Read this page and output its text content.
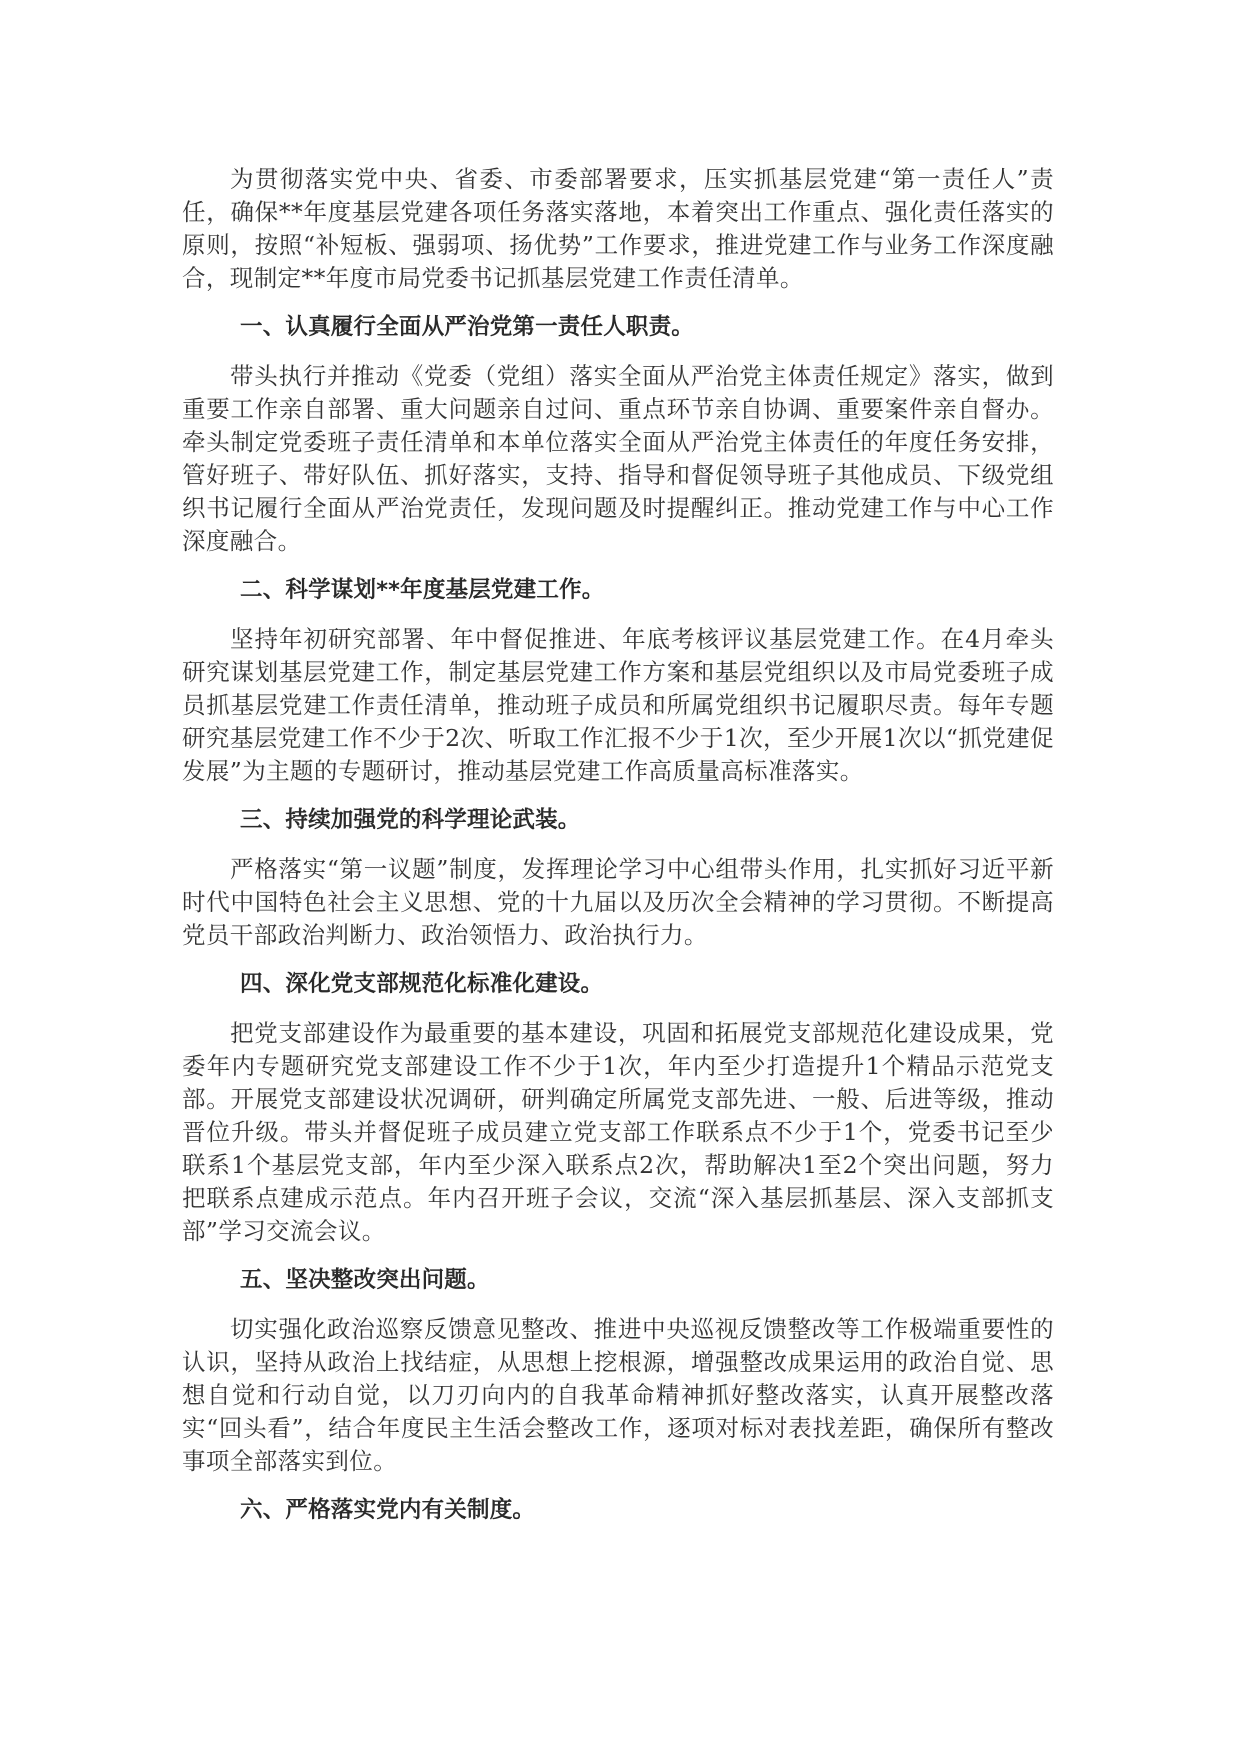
为贯彻落实党中央、省委、市委部署要求，压实抓基层党建“第一责任人”责任，确保**年度基层党建各项任务落实落地，本着突出工作重点、强化责任落实的原则，按照“补短板、强弱项、扬优势”工作要求，推进党建工作与业务工作深度融合，现制定**年度市局党委书记抓基层党建工作责任清单。

一、认真履行全面从严治党第一责任人职责。

带头执行并推动《党委（党组）落实全面从严治党主体责任规定》落实，做到重要工作亲自部署、重大问题亲自过问、重点环节亲自协调、重要案件亲自督办。牵头制定党委班子责任清单和本单位落实全面从严治党主体责任的年度任务安排，管好班子、带好队伍、抓好落实，支持、指导和督促领导班子其他成员、下级党组织书记履行全面从严治党责任，发现问题及时提醒纠正。推动党建工作与中心工作深度融合。

二、科学谋划**年度基层党建工作。

坚持年初研究部署、年中督促推进、年底考核评议基层党建工作。在4月牵头研究谋划基层党建工作，制定基层党建工作方案和基层党组织以及市局党委班子成员抓基层党建工作责任清单，推动班子成员和所属党组织书记履职尽责。每年专题研究基层党建工作不少于2次、听取工作汇报不少于1次，至少开展1次以“抓党建促发展”为主题的专题研讨，推动基层党建工作高质量高标准落实。

三、持续加强党的科学理论武装。

严格落实“第一议题”制度，发挥理论学习中心组带头作用，扎实抓好习近平新时代中国特色社会主义思想、党的十九届以及历次全会精神的学习贯彻。不断提高党员干部政治判断力、政治领悟力、政治执行力。

四、深化党支部规范化标准化建设。

把党支部建设作为最重要的基本建设，巩固和拓展党支部规范化建设成果，党委年内专题研究党支部建设工作不少于1次，年内至少打造提升1个精品示范党支部。开展党支部建设状况调研，研判确定所属党支部先进、一般、后进等级，推动晋位升级。带头并督促班子成员建立党支部工作联系点不少于1个，党委书记至少联系1个基层党支部，年内至少深入联系点2次，帮助解决1至2个突出问题，努力把联系点建成示范点。年内召开班子会议，交流“深入基层抓基层、深入支部抓支部”学习交流会议。

五、坚决整改突出问题。

切实强化政治巡察反馈意见整改、推进中央巡视反馈整改等工作极端重要性的认识，坚持从政治上找结症，从思想上挖根源，增强整改成果运用的政治自觉、思想自觉和行动自觉，以刀刃向内的自我革命精神抓好整改落实，认真开展整改落实“回头看”，结合年度民主生活会整改工作，逐项对标对表找差距，确保所有整改事项全部落实到位。

六、严格落实党内有关制度。
